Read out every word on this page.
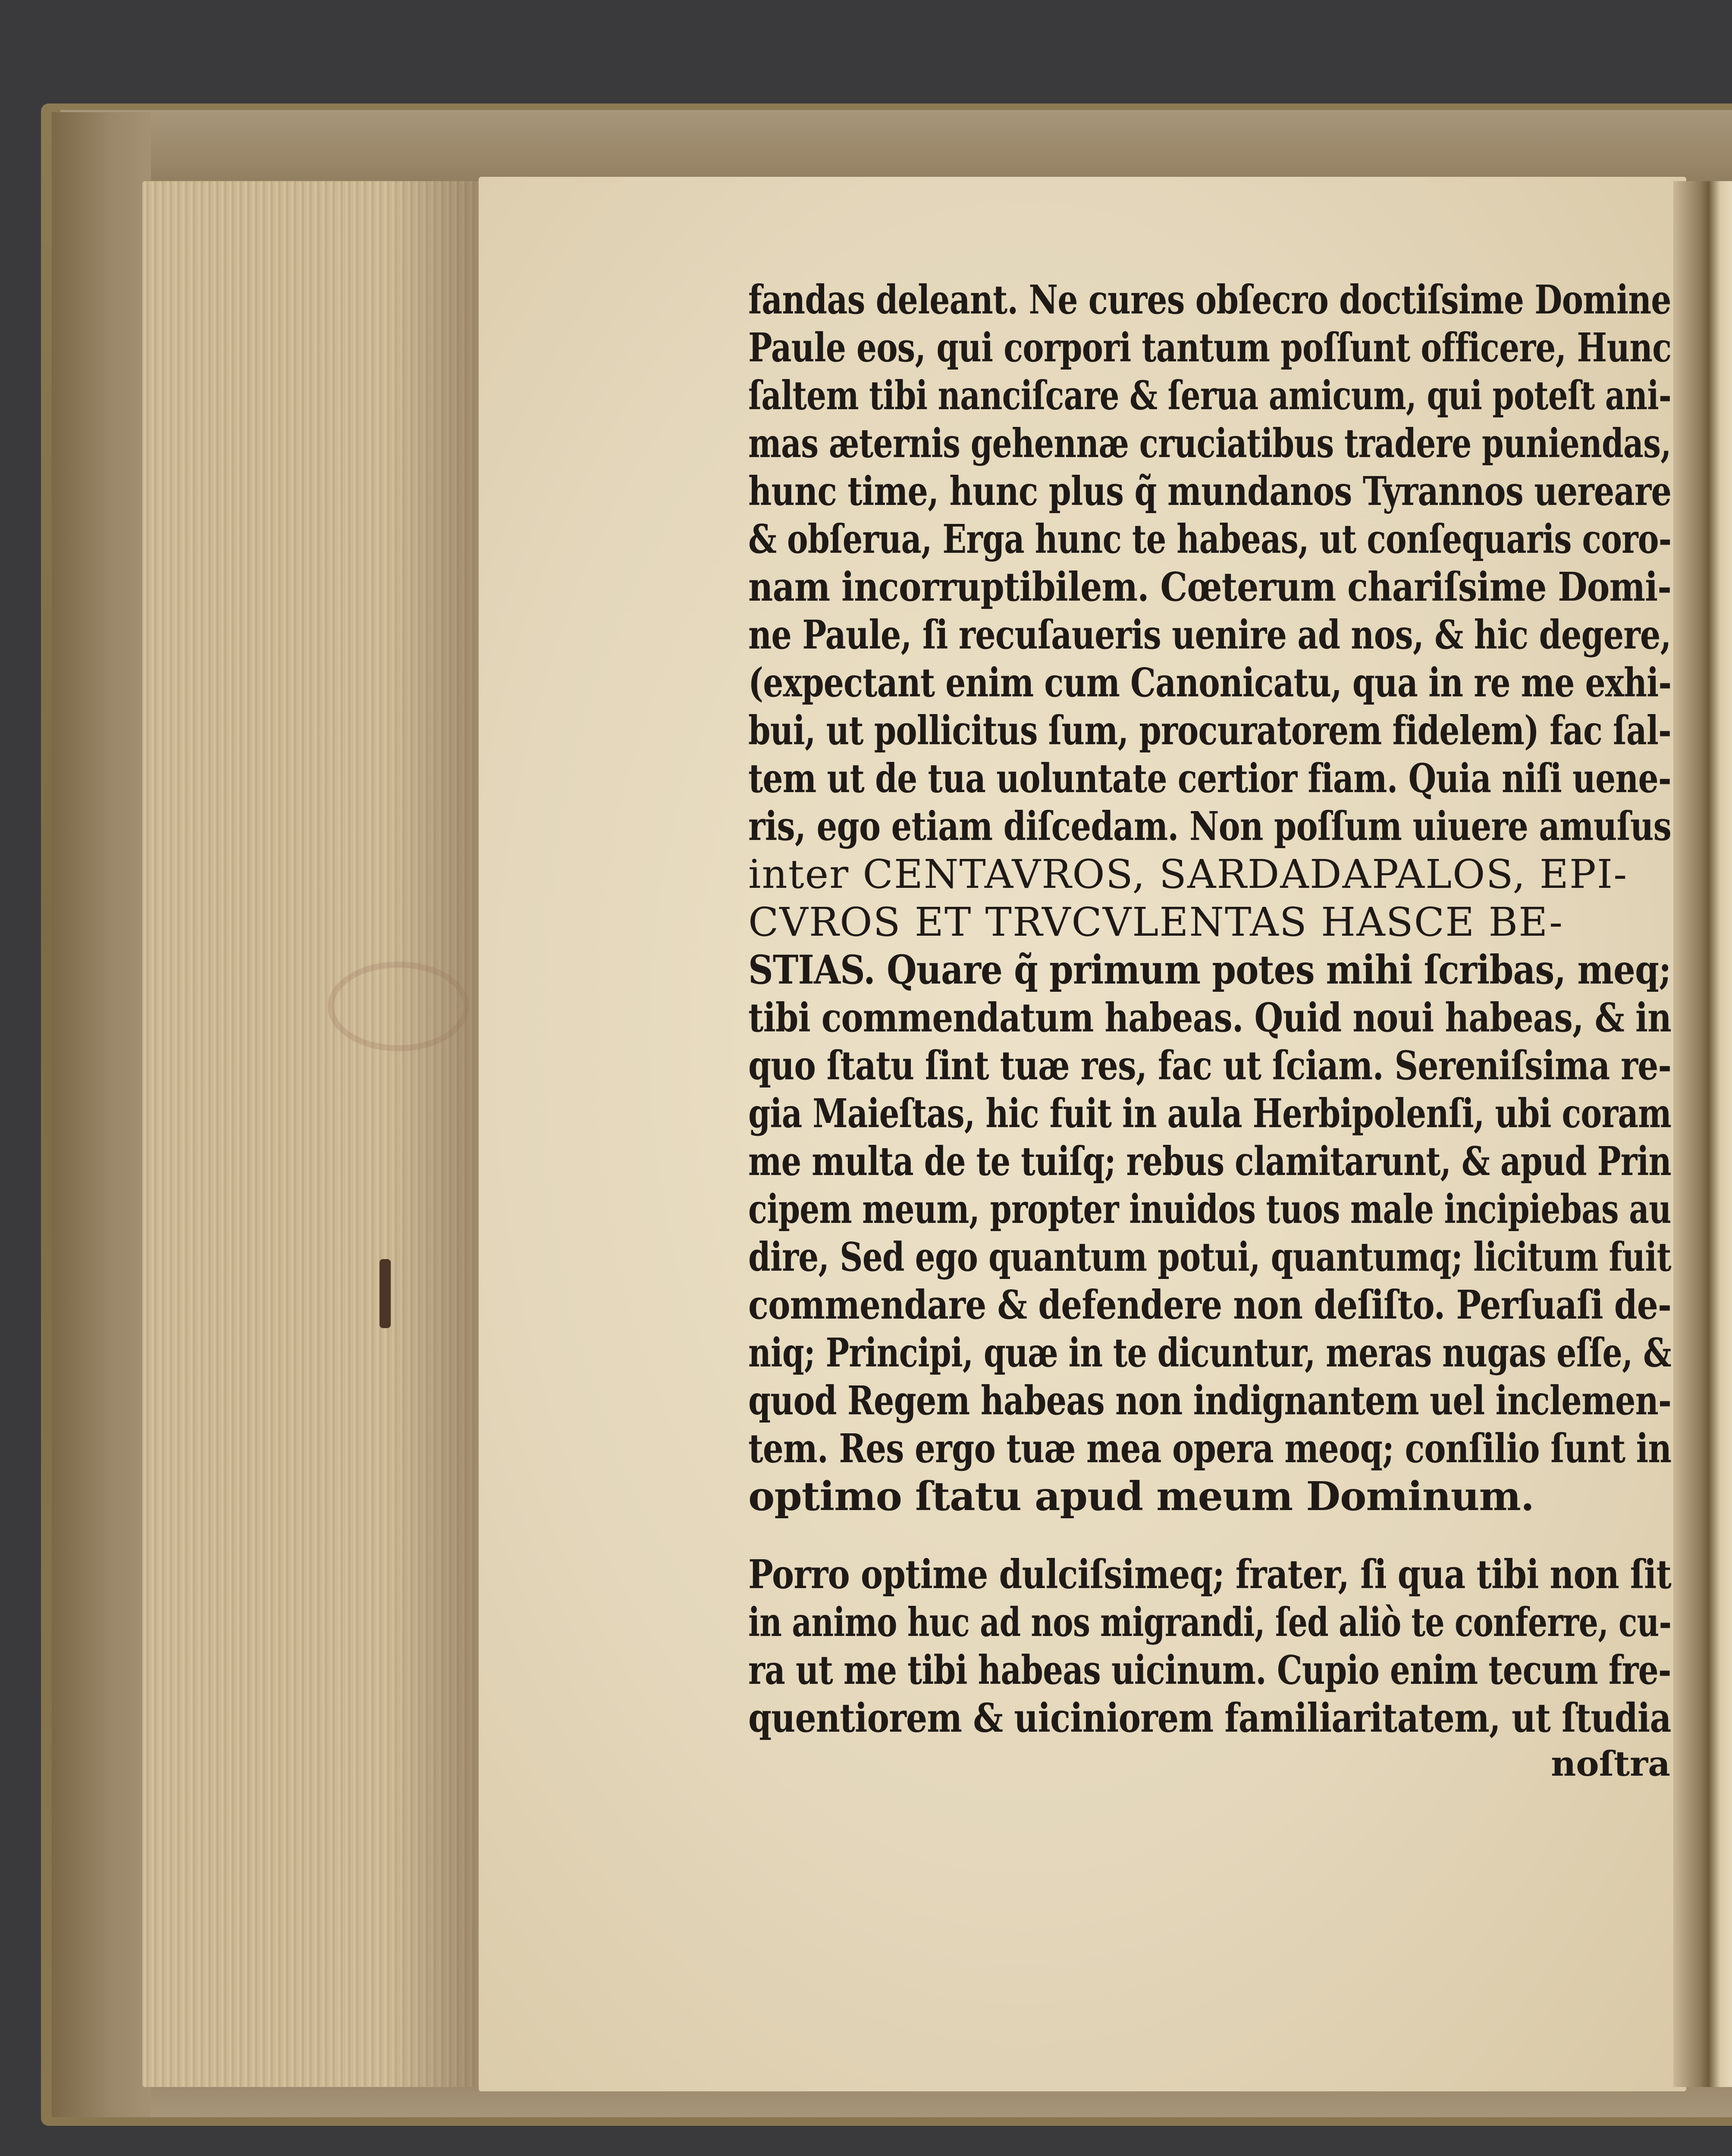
fandas deleant. Ne cures obſecro doctiſsime Domine
Paule eos, qui corpori tantum poſſunt officere, Hunc
ſaltem tibi nanciſcare & ſerua amicum, qui poteſt ani-
mas æternis gehennæ cruciatibus tradere puniendas,
hunc time, hunc plus q̃ mundanos Tyrannos uereare
& obſerua, Erga hunc te habeas, ut conſequaris coro-
nam incorruptibilem. Cœterum chariſsime Domi-
ne Paule, ſi recuſaueris uenire ad nos, & hic degere,
(expectant enim cum Canonicatu, qua in re me exhi-
bui, ut pollicitus ſum, procuratorem fidelem) fac ſal-
tem ut de tua uoluntate certior fiam. Quia niſi uene-
ris, ego etiam diſcedam. Non poſſum uiuere amuſus
inter CENTAVROS, SARDADAPALOS, EPI-
CVROS ET TRVCVLENTAS HASCE BE-
STIAS. Quare q̃ primum potes mihi ſcribas, meq;
tibi commendatum habeas. Quid noui habeas, & in
quo ſtatu ſint tuæ res, fac ut ſciam. Sereniſsima re-
gia Maieſtas, hic fuit in aula Herbipolenſi, ubi coram
me multa de te tuiſq; rebus clamitarunt, & apud Prin
cipem meum, propter inuidos tuos male incipiebas au
dire, Sed ego quantum potui, quantumq; licitum fuit
commendare & defendere non deſiſto. Perſuaſi de-
niq; Principi, quæ in te dicuntur, meras nugas eſſe, &
quod Regem habeas non indignantem uel inclemen-
tem. Res ergo tuæ mea opera meoq; conſilio ſunt in
optimo ſtatu apud meum Dominum.
Porro optime dulciſsimeq; frater, ſi qua tibi non ſit
in animo huc ad nos migrandi, ſed aliò te conferre, cu-
ra ut me tibi habeas uicinum. Cupio enim tecum fre-
quentiorem & uiciniorem familiaritatem, ut ſtudia
noſtra
